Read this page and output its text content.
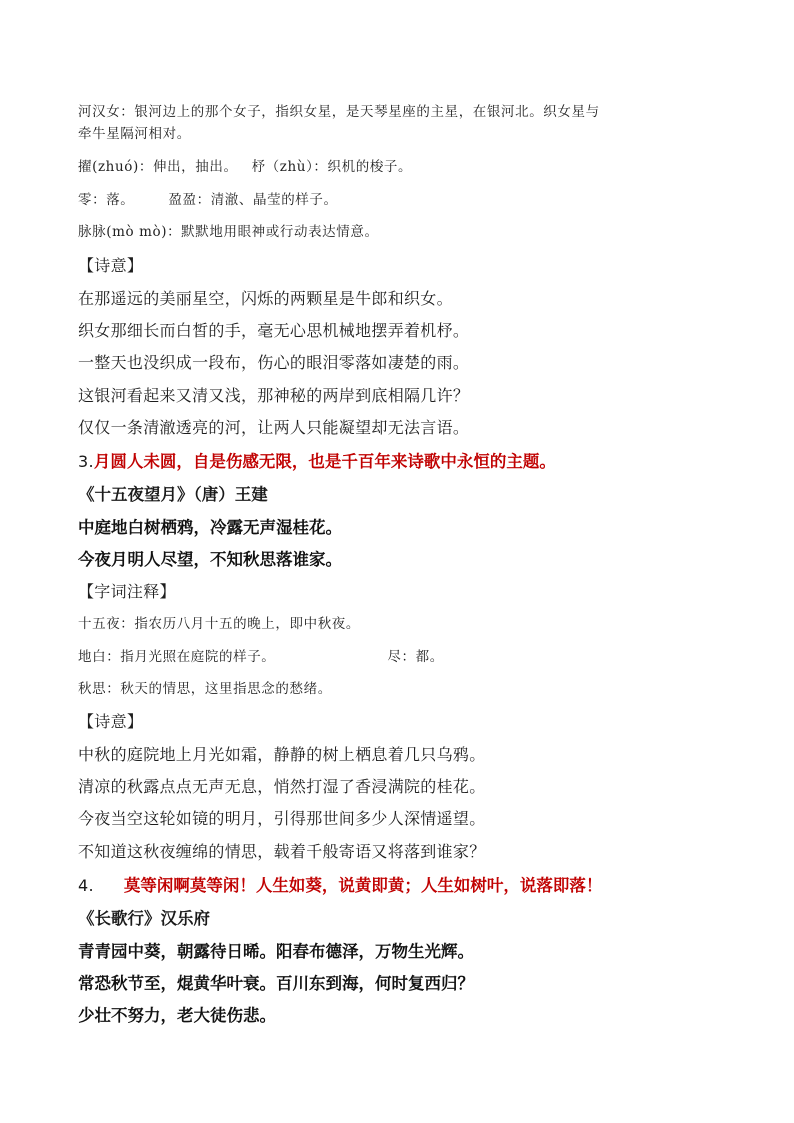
河汉女：银河边上的那个女子，指织女星，是天琴星座的主星，在银河北。织女星与
牵牛星隔河相对。
擢(zhuó)：伸出，抽出。 杼（zhù）：织机的梭子。
零：落。	盈盈：清澈、晶莹的样子。
脉脉(mò mò)：默默地用眼神或行动表达情意。
【诗意】
在那遥远的美丽星空，闪烁的两颗星是牛郎和织女。
织女那细长而白皙的手，毫无心思机械地摆弄着机杼。
一整天也没织成一段布，伤心的眼泪零落如凄楚的雨。
这银河看起来又清又浅，那神秘的两岸到底相隔几许？
仅仅一条清澈透亮的河，让两人只能凝望却无法言语。
3.月圆人未圆，自是伤感无限，也是千百年来诗歌中永恒的主题。
《十五夜望月》（唐）王建
中庭地白树栖鸦，冷露无声湿桂花。
今夜月明人尽望，不知秋思落谁家。
【字词注释】
十五夜：指农历八月十五的晚上，即中秋夜。
地白：指月光照在庭院的样子。	尽：都。
秋思：秋天的情思，这里指思念的愁绪。
【诗意】
中秋的庭院地上月光如霜，静静的树上栖息着几只乌鸦。
清凉的秋露点点无声无息，悄然打湿了香浸满院的桂花。
今夜当空这轮如镜的明月，引得那世间多少人深情遥望。
不知道这秋夜缠绵的情思，载着千般寄语又将落到谁家？
4. 莫等闲啊莫等闲！人生如葵，说黄即黄；人生如树叶，说落即落！
《长歌行》汉乐府
青青园中葵，朝露待日晞。阳春布德泽，万物生光辉。
常恐秋节至，焜黄华叶衰。百川东到海，何时复西归？
少壮不努力，老大徒伤悲。
